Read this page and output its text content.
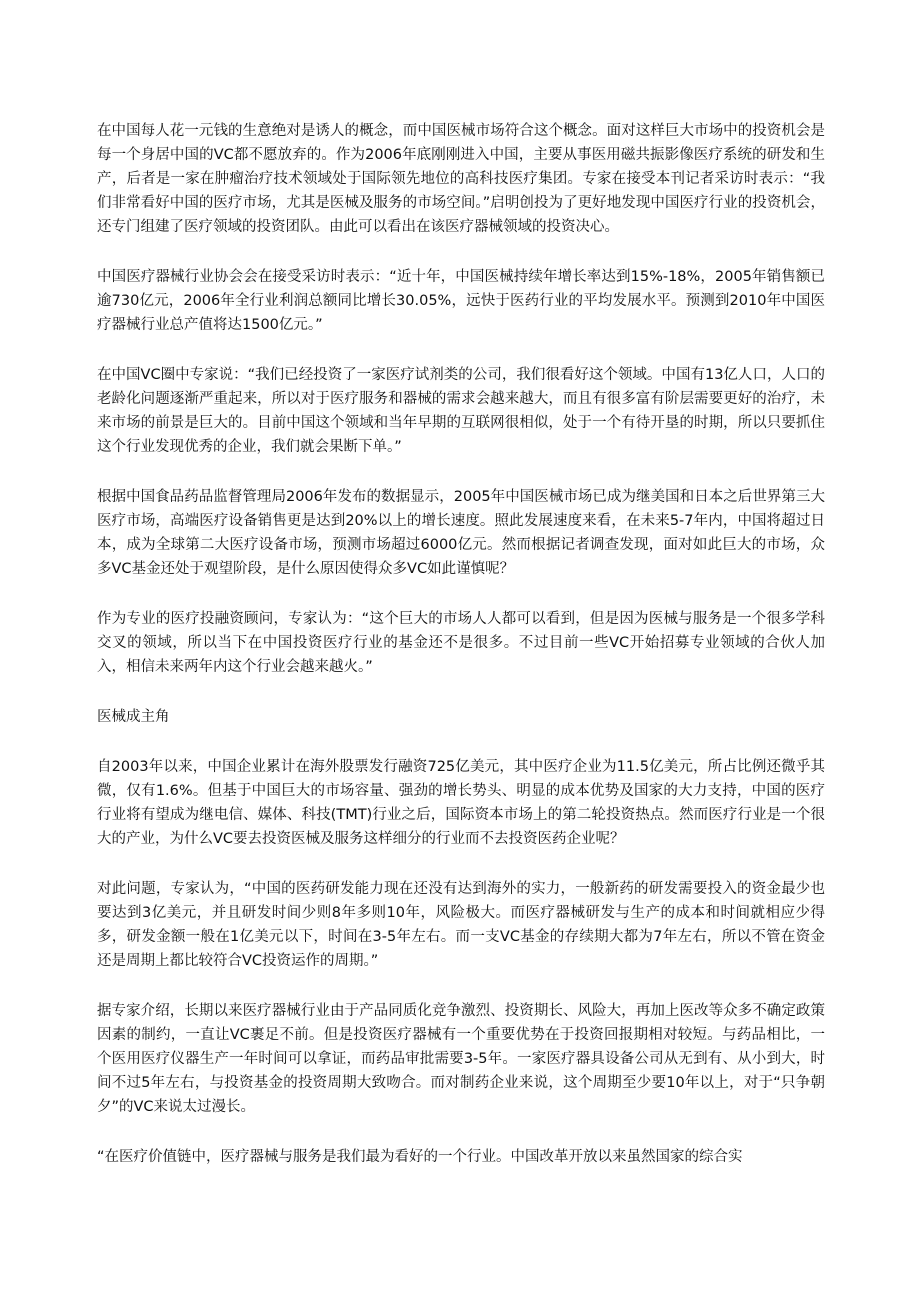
在中国每人花一元钱的生意绝对是诱人的概念，而中国医械市场符合这个概念。面对这样巨大市场中的投资机会是每一个身居中国的VC都不愿放弃的。作为2006年底刚刚进入中国，主要从事医用磁共振影像医疗系统的研发和生产，后者是一家在肿瘤治疗技术领域处于国际领先地位的高科技医疗集团。专家在接受本刊记者采访时表示：“我们非常看好中国的医疗市场，尤其是医械及服务的市场空间。”启明创投为了更好地发现中国医疗行业的投资机会，还专门组建了医疗领域的投资团队。由此可以看出在该医疗器械领域的投资决心。

中国医疗器械行业协会会在接受采访时表示：“近十年，中国医械持续年增长率达到15%-18%，2005年销售额已逾730亿元，2006年全行业利润总额同比增长30.05%，远快于医药行业的平均发展水平。预测到2010年中国医疗器械行业总产值将达1500亿元。”

在中国VC圈中专家说：“我们已经投资了一家医疗试剂类的公司，我们很看好这个领域。中国有13亿人口，人口的老龄化问题逐渐严重起来，所以对于医疗服务和器械的需求会越来越大，而且有很多富有阶层需要更好的治疗，未来市场的前景是巨大的。目前中国这个领域和当年早期的互联网很相似，处于一个有待开垦的时期，所以只要抓住这个行业发现优秀的企业，我们就会果断下单。”

根据中国食品药品监督管理局2006年发布的数据显示，2005年中国医械市场已成为继美国和日本之后世界第三大医疗市场，高端医疗设备销售更是达到20%以上的增长速度。照此发展速度来看，在未来5-7年内，中国将超过日本，成为全球第二大医疗设备市场，预测市场超过6000亿元。然而根据记者调查发现，面对如此巨大的市场，众多VC基金还处于观望阶段，是什么原因使得众多VC如此谨慎呢？

作为专业的医疗投融资顾问，专家认为：“这个巨大的市场人人都可以看到，但是因为医械与服务是一个很多学科交叉的领域，所以当下在中国投资医疗行业的基金还不是很多。不过目前一些VC开始招募专业领域的合伙人加入，相信未来两年内这个行业会越来越火。”

医械成主角

自2003年以来，中国企业累计在海外股票发行融资725亿美元，其中医疗企业为11.5亿美元，所占比例还微乎其微，仅有1.6%。但基于中国巨大的市场容量、强劲的增长势头、明显的成本优势及国家的大力支持，中国的医疗行业将有望成为继电信、媒体、科技(TMT)行业之后，国际资本市场上的第二轮投资热点。然而医疗行业是一个很大的产业，为什么VC要去投资医械及服务这样细分的行业而不去投资医药企业呢？

对此问题，专家认为，“中国的医药研发能力现在还没有达到海外的实力，一般新药的研发需要投入的资金最少也要达到3亿美元，并且研发时间少则8年多则10年，风险极大。而医疗器械研发与生产的成本和时间就相应少得多，研发金额一般在1亿美元以下，时间在3-5年左右。而一支VC基金的存续期大都为7年左右，所以不管在资金还是周期上都比较符合VC投资运作的周期。”

据专家介绍，长期以来医疗器械行业由于产品同质化竞争激烈、投资期长、风险大，再加上医改等众多不确定政策因素的制约，一直让VC裹足不前。但是投资医疗器械有一个重要优势在于投资回报期相对较短。与药品相比，一个医用医疗仪器生产一年时间可以拿证，而药品审批需要3-5年。一家医疗器具设备公司从无到有、从小到大，时间不过5年左右，与投资基金的投资周期大致吻合。而对制药企业来说，这个周期至少要10年以上，对于“只争朝夕”的VC来说太过漫长。

“在医疗价值链中，医疗器械与服务是我们最为看好的一个行业。中国改革开放以来虽然国家的综合实
